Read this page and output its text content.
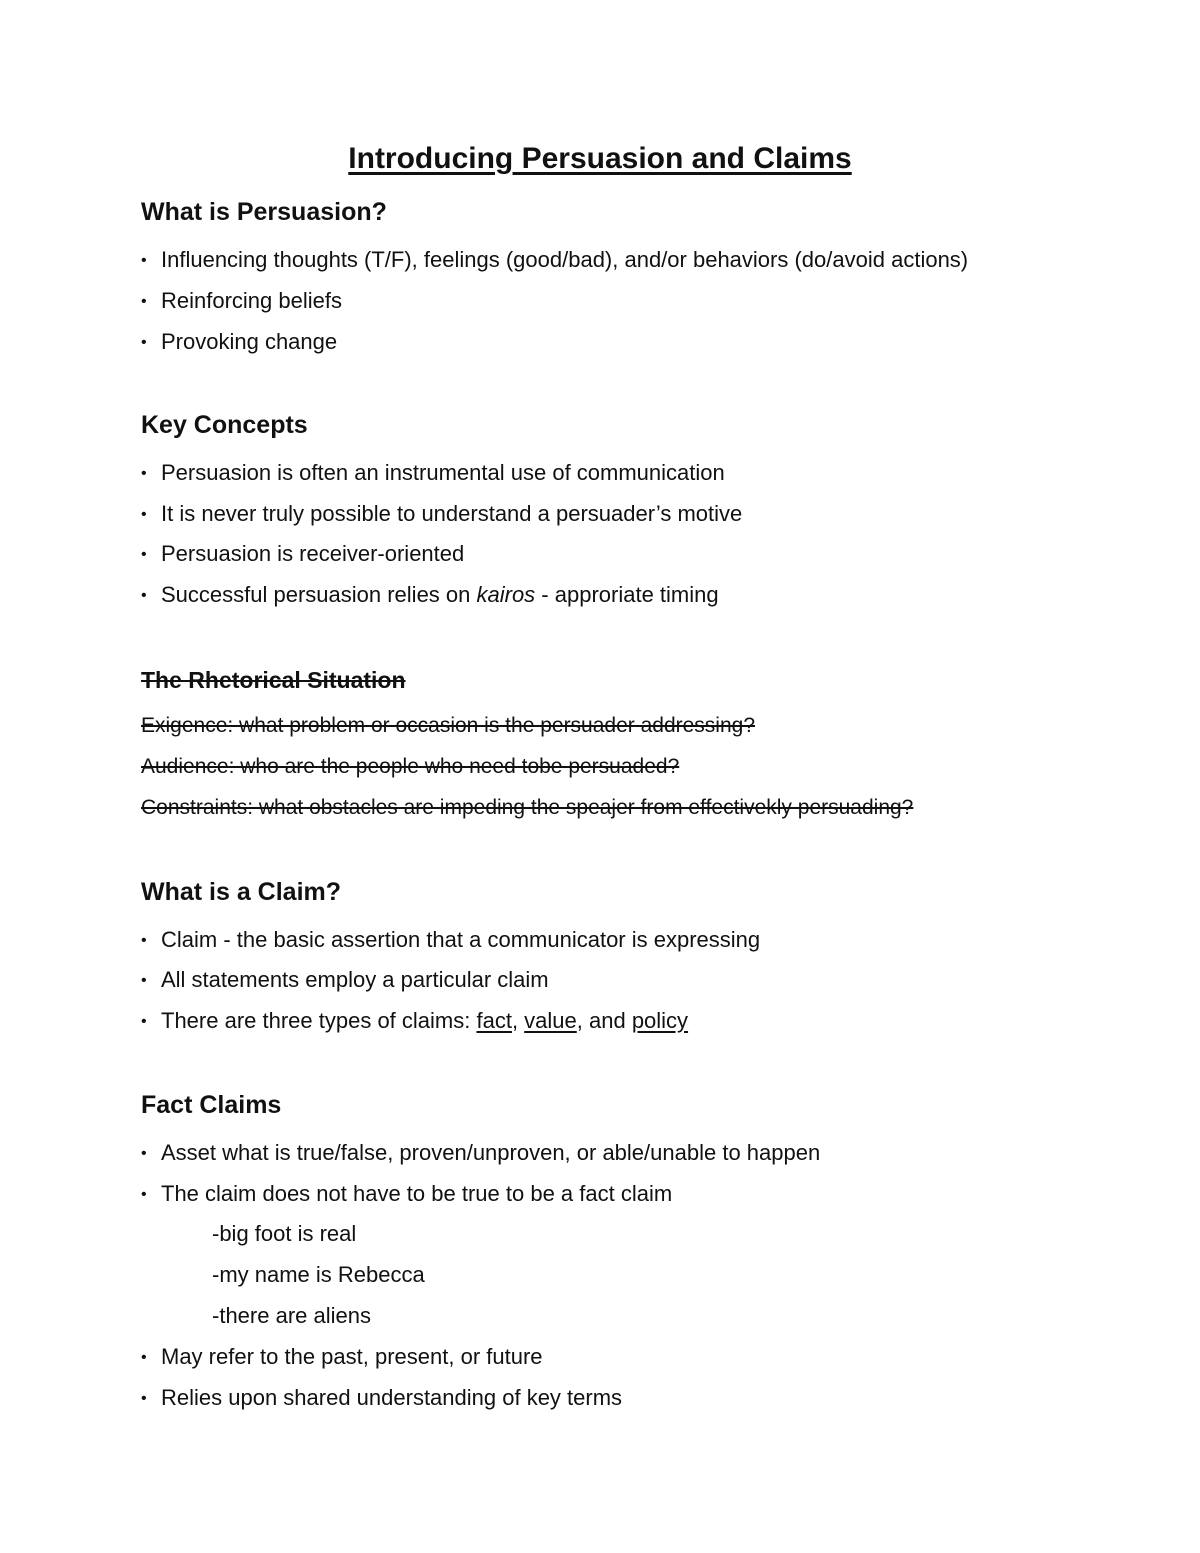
Introducing Persuasion and Claims
What is Persuasion?
• Influencing thoughts (T/F), feelings (good/bad), and/or behaviors (do/avoid actions)
• Reinforcing beliefs
• Provoking change
Key Concepts
• Persuasion is often an instrumental use of communication
• It is never truly possible to understand a persuader’s motive
• Persuasion is receiver-oriented
• Successful persuasion relies on kairos - approriate timing
The Rhetorical Situation
Exigence: what problem or occasion is the persuader addressing?
Audience: who are the people who need tobe persuaded?
Constraints: what obstacles are impeding the speajer from effectivekly persuading?
What is a Claim?
• Claim - the basic assertion that a communicator is expressing
• All statements employ a particular claim
• There are three types of claims: fact, value, and policy
Fact Claims
• Asset what is true/false, proven/unproven, or able/unable to happen
• The claim does not have to be true to be a fact claim
-big foot is real
-my name is Rebecca
-there are aliens
• May refer to the past, present, or future
• Relies upon shared understanding of key terms
